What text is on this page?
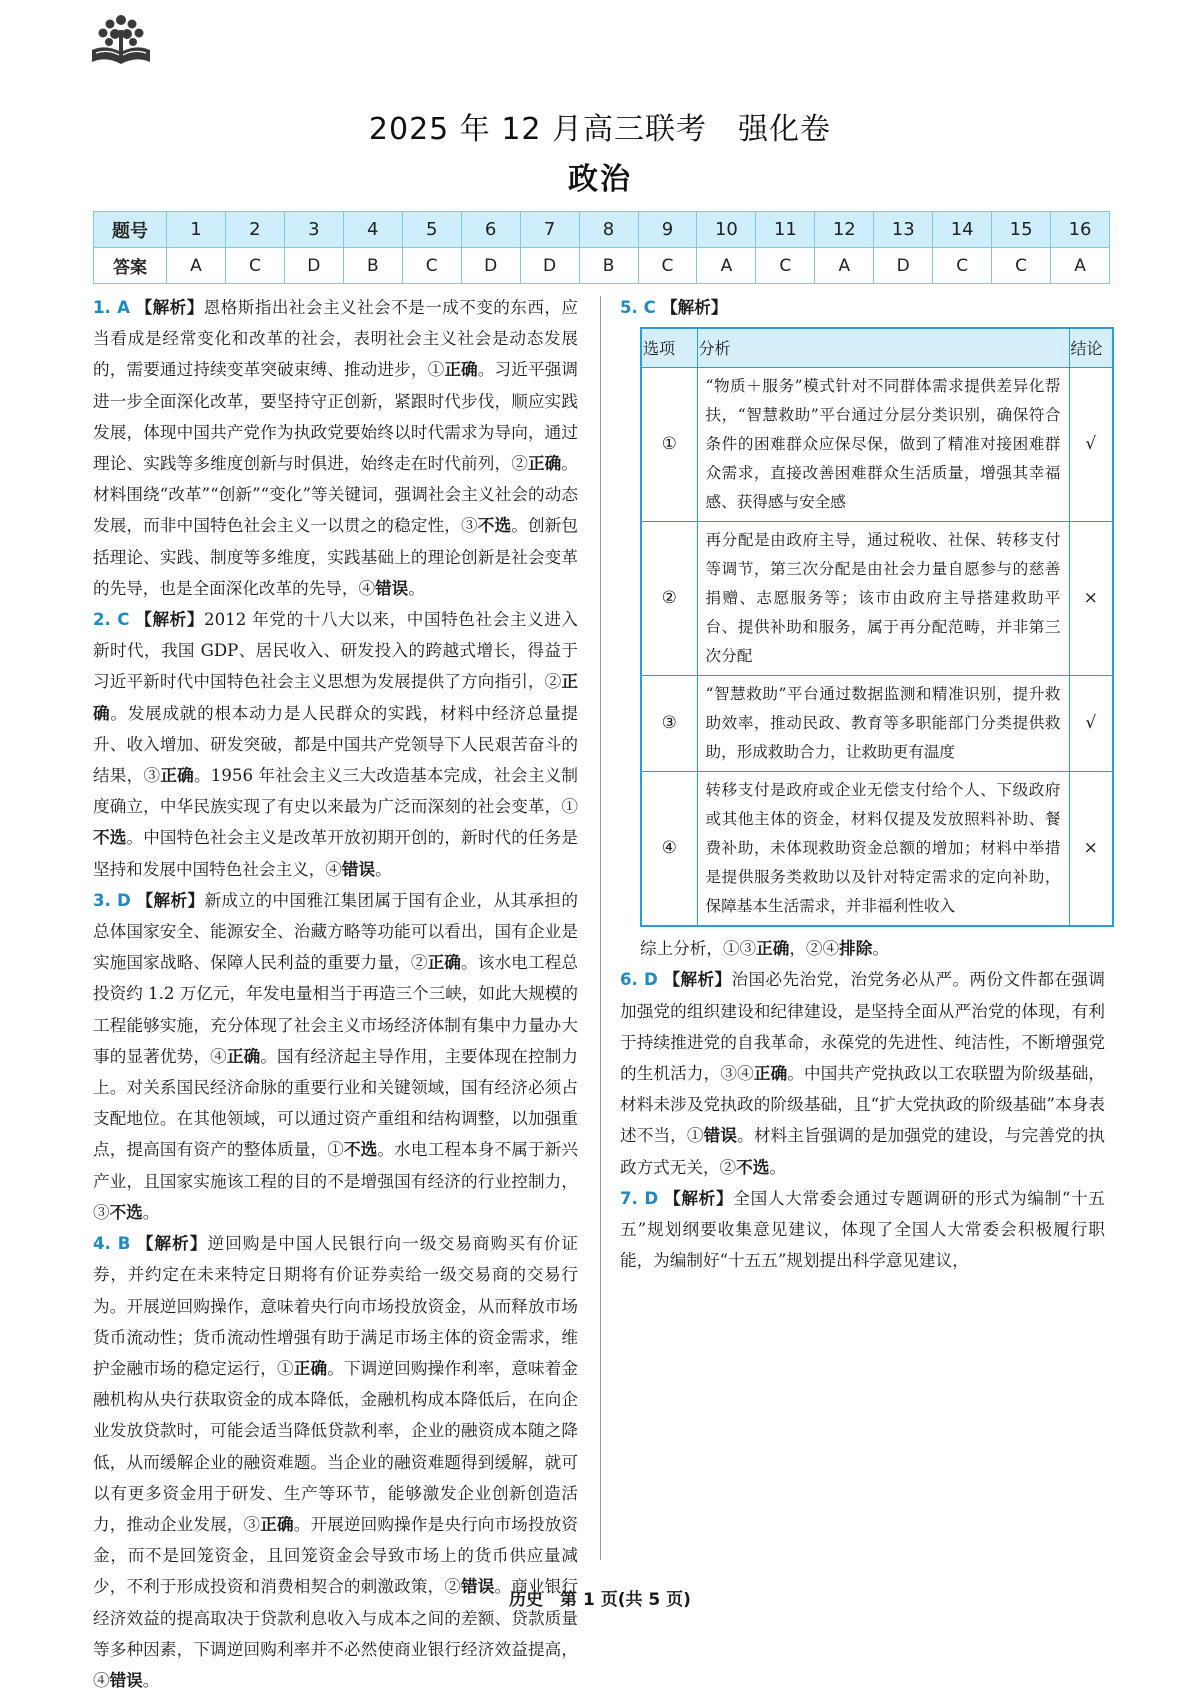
2025 年 12 月高三联考　强化卷
政治
题号	1	2	3	4	5	6	7	8	9	10	11	12	13	14	15	16
答案	A	C	D	B	C	D	D	B	C	A	C	A	D	C	C	A

1. A 【解析】恩格斯指出社会主义社会不是一成不变的东西，应当看成是经常变化和改革的社会，表明社会主义社会是动态发展的，需要通过持续变革突破束缚、推动进步，①正确。习近平强调进一步全面深化改革，要坚持守正创新，紧跟时代步伐，顺应实践发展，体现中国共产党作为执政党要始终以时代需求为导向，通过理论、实践等多维度创新与时俱进，始终走在时代前列，②正确。材料围绕“改革”“创新”“变化”等关键词，强调社会主义社会的动态发展，而非中国特色社会主义一以贯之的稳定性，③不选。创新包括理论、实践、制度等多维度，实践基础上的理论创新是社会变革的先导，也是全面深化改革的先导，④错误。

2. C 【解析】2012 年党的十八大以来，中国特色社会主义进入新时代，我国 GDP、居民收入、研发投入的跨越式增长，得益于习近平新时代中国特色社会主义思想为发展提供了方向指引，②正确。发展成就的根本动力是人民群众的实践，材料中经济总量提升、收入增加、研发突破，都是中国共产党领导下人民艰苦奋斗的结果，③正确。1956 年社会主义三大改造基本完成，社会主义制度确立，中华民族实现了有史以来最为广泛而深刻的社会变革，①不选。中国特色社会主义是改革开放初期开创的，新时代的任务是坚持和发展中国特色社会主义，④错误。

3. D 【解析】新成立的中国雅江集团属于国有企业，从其承担的总体国家安全、能源安全、治藏方略等功能可以看出，国有企业是实施国家战略、保障人民利益的重要力量，②正确。该水电工程总投资约 1.2 万亿元，年发电量相当于再造三个三峡，如此大规模的工程能够实施，充分体现了社会主义市场经济体制有集中力量办大事的显著优势，④正确。国有经济起主导作用，主要体现在控制力上。对关系国民经济命脉的重要行业和关键领域，国有经济必须占支配地位。在其他领域，可以通过资产重组和结构调整，以加强重点，提高国有资产的整体质量，①不选。水电工程本身不属于新兴产业，且国家实施该工程的目的不是增强国有经济的行业控制力，③不选。

4. B 【解析】逆回购是中国人民银行向一级交易商购买有价证券，并约定在未来特定日期将有价证券卖给一级交易商的交易行为。开展逆回购操作，意味着央行向市场投放资金，从而释放市场货币流动性；货币流动性增强有助于满足市场主体的资金需求，维护金融市场的稳定运行，①正确。下调逆回购操作利率，意味着金融机构从央行获取资金的成本降低，金融机构成本降低后，在向企业发放贷款时，可能会适当降低贷款利率，企业的融资成本随之降低，从而缓解企业的融资难题。当企业的融资难题得到缓解，就可以有更多资金用于研发、生产等环节，能够激发企业创新创造活力，推动企业发展，③正确。开展逆回购操作是央行向市场投放资金，而不是回笼资金，且回笼资金会导致市场上的货币供应量减少，不利于形成投资和消费相契合的刺激政策，②错误。商业银行经济效益的提高取决于贷款利息收入与成本之间的差额、贷款质量等多种因素，下调逆回购利率并不必然使商业银行经济效益提高，④错误。

5. C 【解析】

选项	分析	结论
①	“物质＋服务”模式针对不同群体需求提供差异化帮扶，“智慧救助”平台通过分层分类识别，确保符合条件的困难群众应保尽保，做到了精准对接困难群众需求，直接改善困难群众生活质量，增强其幸福感、获得感与安全感	√
②	再分配是由政府主导，通过税收、社保、转移支付等调节，第三次分配是由社会力量自愿参与的慈善捐赠、志愿服务等；该市由政府主导搭建救助平台、提供补助和服务，属于再分配范畴，并非第三次分配	×
③	“智慧救助”平台通过数据监测和精准识别，提升救助效率，推动民政、教育等多职能部门分类提供救助，形成救助合力，让救助更有温度	√
④	转移支付是政府或企业无偿支付给个人、下级政府或其他主体的资金，材料仅提及发放照料补助、餐费补助，未体现救助资金总额的增加；材料中举措是提供服务类救助以及针对特定需求的定向补助，保障基本生活需求，并非福利性收入	×

综上分析，①③正确，②④排除。

6. D 【解析】治国必先治党，治党务必从严。两份文件都在强调加强党的组织建设和纪律建设，是坚持全面从严治党的体现，有利于持续推进党的自我革命，永葆党的先进性、纯洁性，不断增强党的生机活力，③④正确。中国共产党执政以工农联盟为阶级基础，材料未涉及党执政的阶级基础，且“扩大党执政的阶级基础”本身表述不当，①错误。材料主旨强调的是加强党的建设，与完善党的执政方式无关，②不选。

7. D 【解析】全国人大常委会通过专题调研的形式为编制“十五五”规划纲要收集意见建议，体现了全国人大常委会积极履行职能，为编制好“十五五”规划提出科学意见建议，

历史　第 1 页(共 5 页)
